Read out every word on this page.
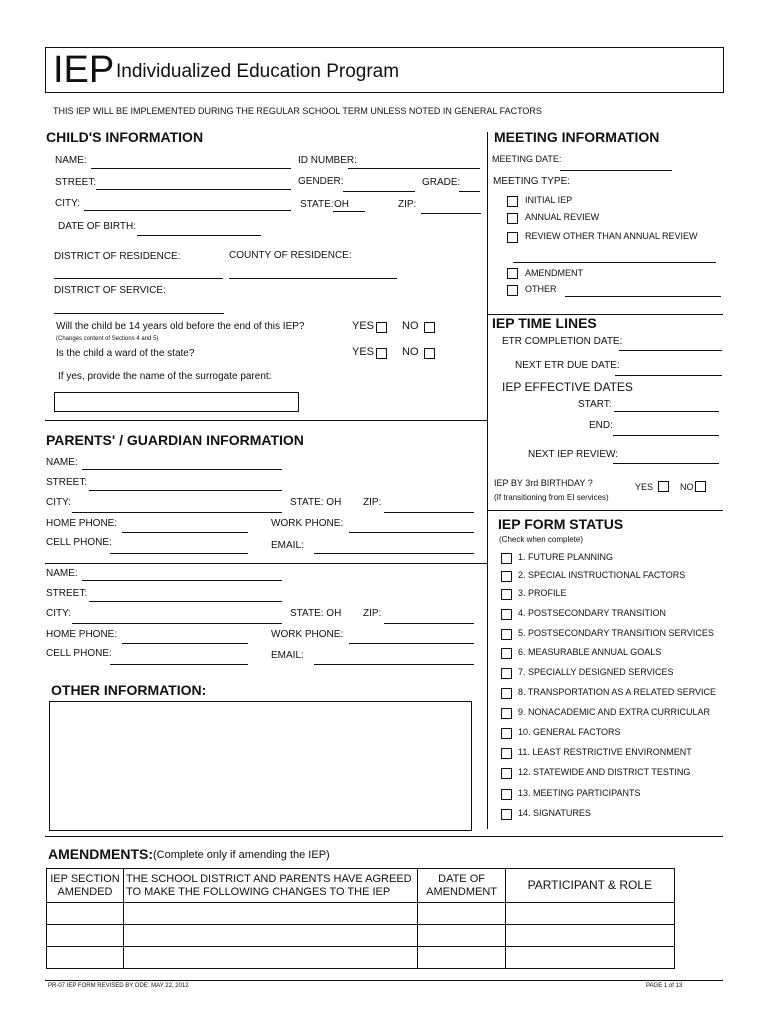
IEP Individualized Education Program
THIS IEP WILL BE IMPLEMENTED DURING THE REGULAR SCHOOL TERM UNLESS NOTED IN GENERAL FACTORS
CHILD'S INFORMATION
NAME:	ID NUMBER:
STREET:	GENDER:	GRADE:
CITY:	STATE: OH	ZIP:
DATE OF BIRTH:
DISTRICT OF RESIDENCE:	COUNTY OF RESIDENCE:
DISTRICT OF SERVICE:
Will the child be 14 years old before the end of this IEP?
(Changes content of Sections 4 and 5)
YES	NO
Is the child a ward of the state?	YES	NO
If yes, provide the name of the surrogate parent:
MEETING INFORMATION
MEETING DATE:
MEETING TYPE:
INITIAL IEP
ANNUAL REVIEW
REVIEW OTHER THAN ANNUAL REVIEW
AMENDMENT
OTHER
IEP TIME LINES
ETR COMPLETION DATE:
NEXT ETR DUE DATE:
IEP EFFECTIVE DATES
START:
END:
NEXT IEP REVIEW:
IEP BY 3rd BIRTHDAY ?
(If transitioning from EI services)
YES	NO
IEP FORM STATUS
(Check when complete)
1. FUTURE PLANNING
2. SPECIAL INSTRUCTIONAL FACTORS
3. PROFILE
4. POSTSECONDARY TRANSITION
5. POSTSECONDARY TRANSITION SERVICES
6. MEASURABLE ANNUAL GOALS
7. SPECIALLY DESIGNED SERVICES
8. TRANSPORTATION AS A RELATED SERVICE
9. NONACADEMIC AND EXTRA CURRICULAR
10. GENERAL FACTORS
11. LEAST RESTRICTIVE ENVIRONMENT
12. STATEWIDE AND DISTRICT TESTING
13. MEETING PARTICIPANTS
14. SIGNATURES
PARENTS' / GUARDIAN INFORMATION
NAME:
STREET:
CITY:	STATE: OH ZIP:
HOME PHONE:	WORK PHONE:
CELL PHONE:	EMAIL:
NAME:
STREET:
CITY:	STATE: OH ZIP:
HOME PHONE:	WORK PHONE:
CELL PHONE:	EMAIL:
OTHER INFORMATION:
AMENDMENTS: (Complete only if amending the IEP)
IEP SECTION AMENDED	THE SCHOOL DISTRICT AND PARENTS HAVE AGREED TO MAKE THE FOLLOWING CHANGES TO THE IEP	DATE OF AMENDMENT	PARTICIPANT & ROLE

PR-07 IEP FORM REVISED BY ODE: MAY 22, 2012	PAGE 1 of 13
